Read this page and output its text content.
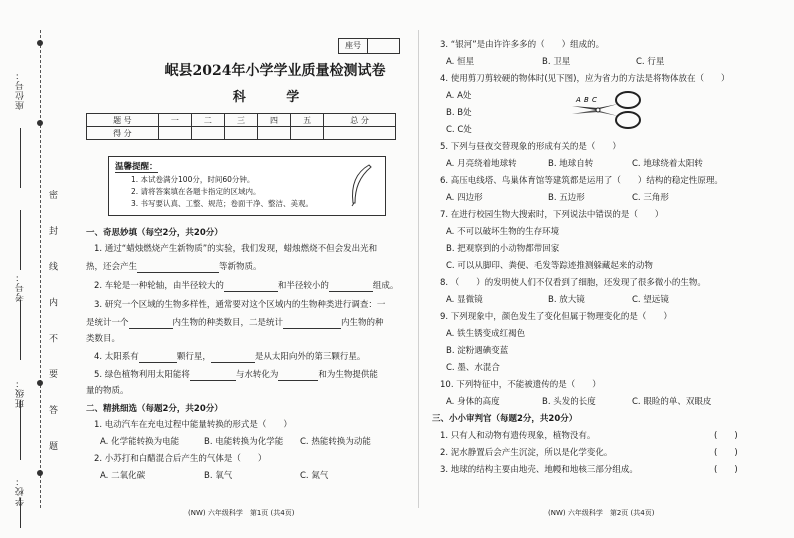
座位号：
考号：
班级：
学校：
密 封 线 内 不 要 答 题
座号
岷县2024年小学学业质量检测试卷
科 学
题 号	一	二	三	四	五	总 分
得 分						
温馨提醒：
1. 本试卷满分100分，时间60分钟。
2. 请将答案填在各题卡指定的区域内。
3. 书写要认真、工整、规范；卷面干净、整洁、美观。
一、奇思妙填（每空2分，共20分）
1. 通过“蜡烛燃烧产生新物质”的实验，我们发现，蜡烛燃烧不但会发出光和
热，还会产生	等新物质。
2. 车轮是一种轮轴，由半径较大的	和半径较小的	组成。
3. 研究一个区域的生物多样性，通常要对这个区域内的生物种类进行调查：一
是统计一个	内生物的种类数目，二是统计	内生物的种
类数目。
4. 太阳系有	颗行星，	是从太阳向外的第三颗行星。
5. 绿色植物利用太阳能将	与水转化为	和为生物提供能
量的物质。
二、精挑细选（每题2分，共20分）
1. 电动汽车在充电过程中能量转换的形式是（　　）
A. 化学能转换为电能	B. 电能转换为化学能 C. 热能转换为动能
2. 小苏打和白醋混合后产生的气体是（　　）
A. 二氧化碳	B. 氧气	C. 氮气
(NW) 六年级科学　第1页 (共4页)
3. “银河”是由许许多多的（　　）组成的。
A. 恒星	B. 卫星	C. 行星
4. 使用剪刀剪较硬的物体时(见下图)，应为省力的方法是将物体放在（　　）
A. A处
B. B处
C. C处
A B C
5. 下列与昼夜交替现象的形成有关的是（　　）
A. 月亮绕着地球转	B. 地球自转	C. 地球绕着太阳转
6. 高压电线塔、鸟巢体育馆等建筑都是运用了（　　）结构的稳定性原理。
A. 四边形	B. 五边形	C. 三角形
7. 在进行校园生物大搜索时，下列说法中错误的是（　　）
A. 不可以破坏生物的生存环境
B. 把观察到的小动物都带回家
C. 可以从脚印、粪便、毛发等踪迹推测躲藏起来的动物
8. （　　）的发明使人们不仅看到了细胞，还发现了很多微小的生物。
A. 显微镜	B. 放大镜	C. 望远镜
9. 下列现象中，颜色发生了变化但属于物理变化的是（　　）
A. 铁生锈变成红褐色
B. 淀粉遇碘变蓝
C. 墨、水混合
10. 下列特征中，不能被遗传的是（　　）
A. 身体的高度	B. 头发的长度	C. 眼睑的单、双眼皮
三、小小审判官（每题2分，共20分）
1. 只有人和动物有遗传现象，植物没有。	(　　)
2. 泥水静置后会产生沉淀，所以是化学变化。	(　　)
3. 地球的结构主要由地壳、地幔和地核三部分组成。	(　　)
(NW) 六年级科学　第2页 (共4页)
